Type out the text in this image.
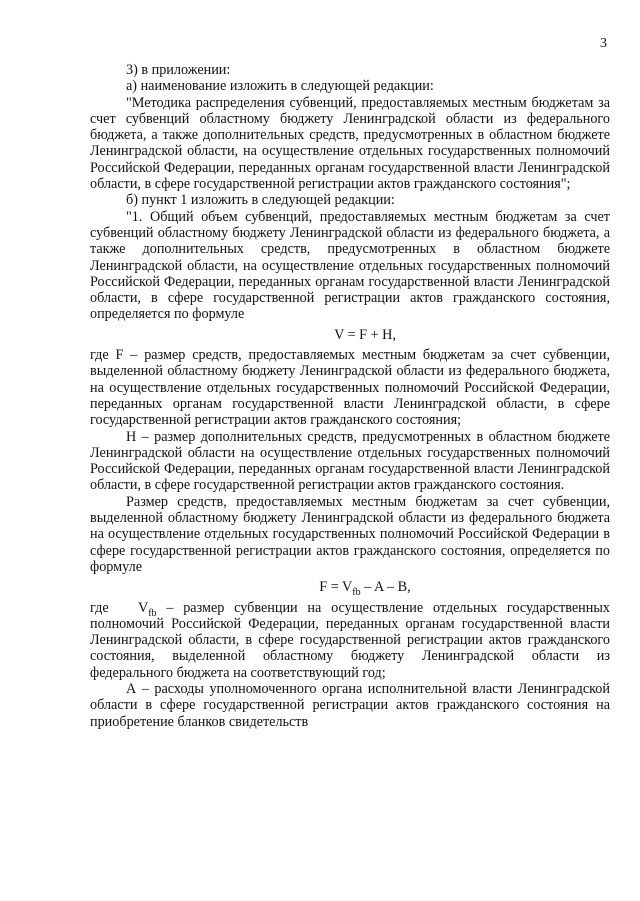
3

3) в приложении:

а) наименование изложить в следующей редакции:

"Методика распределения субвенций, предоставляемых местным бюджетам за счет субвенций областному бюджету Ленинградской области из федерального бюджета, а также дополнительных средств, предусмотренных в областном бюджете Ленинградской области, на осуществление отдельных государственных полномочий Российской Федерации, переданных органам государственной власти Ленинградской области, в сфере государственной регистрации актов гражданского состояния";

б) пункт 1 изложить в следующей редакции:

"1. Общий объем субвенций, предоставляемых местным бюджетам за счет субвенций областному бюджету Ленинградской области из федерального бюджета, а также дополнительных средств, предусмотренных в областном бюджете Ленинградской области, на осуществление отдельных государственных полномочий Российской Федерации, переданных органам государственной власти Ленинградской области, в сфере государственной регистрации актов гражданского состояния, определяется по формуле

V = F + H,

где F – размер средств, предоставляемых местным бюджетам за счет субвенции, выделенной областному бюджету Ленинградской области из федерального бюджета, на осуществление отдельных государственных полномочий Российской Федерации, переданных органам государственной власти Ленинградской области, в сфере государственной регистрации актов гражданского состояния;

H – размер дополнительных средств, предусмотренных в областном бюджете Ленинградской области на осуществление отдельных государственных полномочий Российской Федерации, переданных органам государственной власти Ленинградской области, в сфере государственной регистрации актов гражданского состояния.

Размер средств, предоставляемых местным бюджетам за счет субвенции, выделенной областному бюджету Ленинградской области из федерального бюджета на осуществление отдельных государственных полномочий Российской Федерации в сфере государственной регистрации актов гражданского состояния, определяется по формуле

$F = V_{fb} - A - B$,

где   $V_{fb}$ – размер субвенции на осуществление отдельных государственных полномочий Российской Федерации, переданных органам государственной власти Ленинградской области, в сфере государственной регистрации актов гражданского состояния, выделенной областному бюджету Ленинградской области из федерального бюджета на соответствующий год;

А – расходы уполномоченного органа исполнительной власти Ленинградской области в сфере государственной регистрации актов гражданского состояния на приобретение бланков свидетельств
